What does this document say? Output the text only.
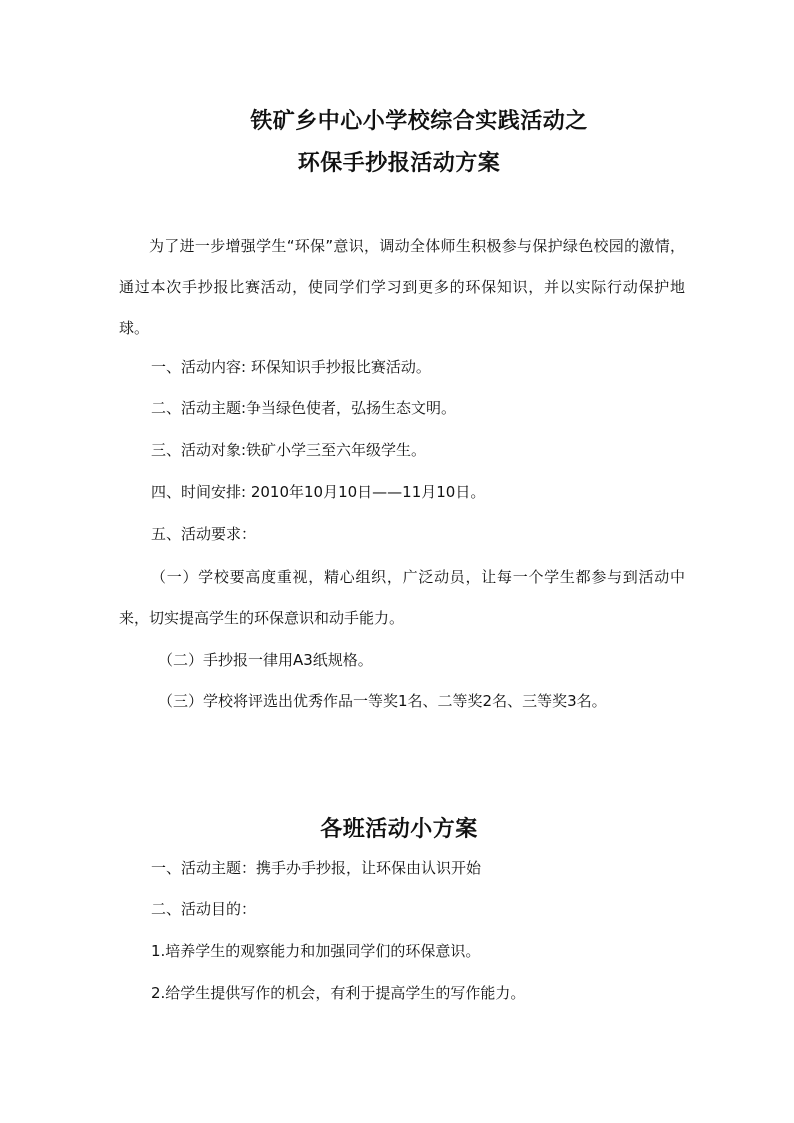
铁矿乡中心小学校综合实践活动之
环保手抄报活动方案

为了进一步增强学生“环保”意识，调动全体师生积极参与保护绿色校园的激情，通过本次手抄报比赛活动，使同学们学习到更多的环保知识，并以实际行动保护地球。

一、活动内容: 环保知识手抄报比赛活动。

二、活动主题:争当绿色使者，弘扬生态文明。

三、活动对象:铁矿小学三至六年级学生。

四、时间安排: 2010年10月10日——11月10日。

五、活动要求：

（一）学校要高度重视，精心组织，广泛动员，让每一个学生都参与到活动中来，切实提高学生的环保意识和动手能力。

（二）手抄报一律用A3纸规格。

（三）学校将评选出优秀作品一等奖1名、二等奖2名、三等奖3名。

各班活动小方案

一、活动主题：携手办手抄报，让环保由认识开始

二、活动目的：

1.培养学生的观察能力和加强同学们的环保意识。

2.给学生提供写作的机会，有利于提高学生的写作能力。
